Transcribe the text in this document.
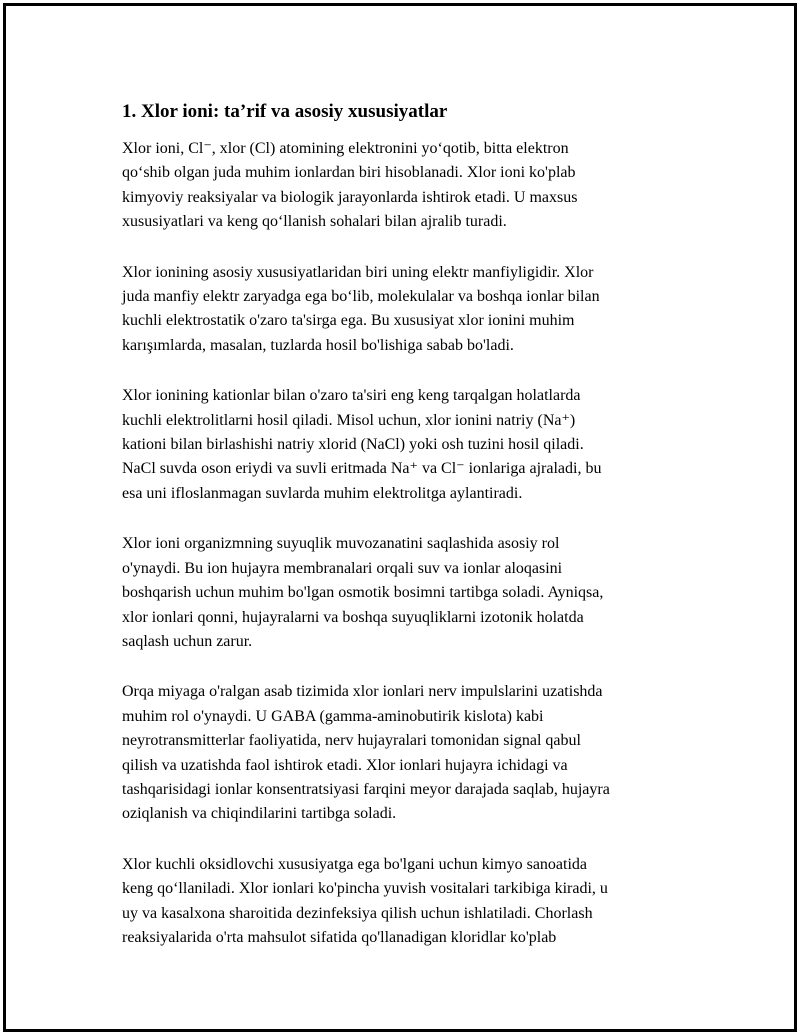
1. Xlor ioni: ta’rif va asosiy xususiyatlar

Xlor ioni, Cl⁻, xlor (Cl) atomining elektronini yo‘qotib, bitta elektron
qo‘shib olgan juda muhim ionlardan biri hisoblanadi. Xlor ioni ko'plab
kimyoviy reaksiyalar va biologik jarayonlarda ishtirok etadi. U maxsus
xususiyatlari va keng qo‘llanish sohalari bilan ajralib turadi.

Xlor ionining asosiy xususiyatlaridan biri uning elektr manfiyligidir. Xlor
juda manfiy elektr zaryadga ega bo‘lib, molekulalar va boshqa ionlar bilan
kuchli elektrostatik o'zaro ta'sirga ega. Bu xususiyat xlor ionini muhim
karışımlarda, masalan, tuzlarda hosil bo'lishiga sabab bo'ladi.

Xlor ionining kationlar bilan o'zaro ta'siri eng keng tarqalgan holatlarda
kuchli elektrolitlarni hosil qiladi. Misol uchun, xlor ionini natriy (Na⁺)
kationi bilan birlashishi natriy xlorid (NaCl) yoki osh tuzini hosil qiladi.
NaCl suvda oson eriydi va suvli eritmada Na⁺ va Cl⁻ ionlariga ajraladi, bu
esa uni ifloslanmagan suvlarda muhim elektrolitga aylantiradi.

Xlor ioni organizmning suyuqlik muvozanatini saqlashida asosiy rol
o'ynaydi. Bu ion hujayra membranalari orqali suv va ionlar aloqasini
boshqarish uchun muhim bo'lgan osmotik bosimni tartibga soladi. Ayniqsa,
xlor ionlari qonni, hujayralarni va boshqa suyuqliklarni izotonik holatda
saqlash uchun zarur.

Orqa miyaga o'ralgan asab tizimida xlor ionlari nerv impulslarini uzatishda
muhim rol o'ynaydi. U GABA (gamma-aminobutirik kislota) kabi
neyrotransmitterlar faoliyatida, nerv hujayralari tomonidan signal qabul
qilish va uzatishda faol ishtirok etadi. Xlor ionlari hujayra ichidagi va
tashqarisidagi ionlar konsentratsiyasi farqini meyor darajada saqlab, hujayra
oziqlanish va chiqindilarini tartibga soladi.

Xlor kuchli oksidlovchi xususiyatga ega bo'lgani uchun kimyo sanoatida
keng qo‘llaniladi. Xlor ionlari ko'pincha yuvish vositalari tarkibiga kiradi, u
uy va kasalxona sharoitida dezinfeksiya qilish uchun ishlatiladi. Chorlash
reaksiyalarida o'rta mahsulot sifatida qo'llanadigan kloridlar ko'plab
